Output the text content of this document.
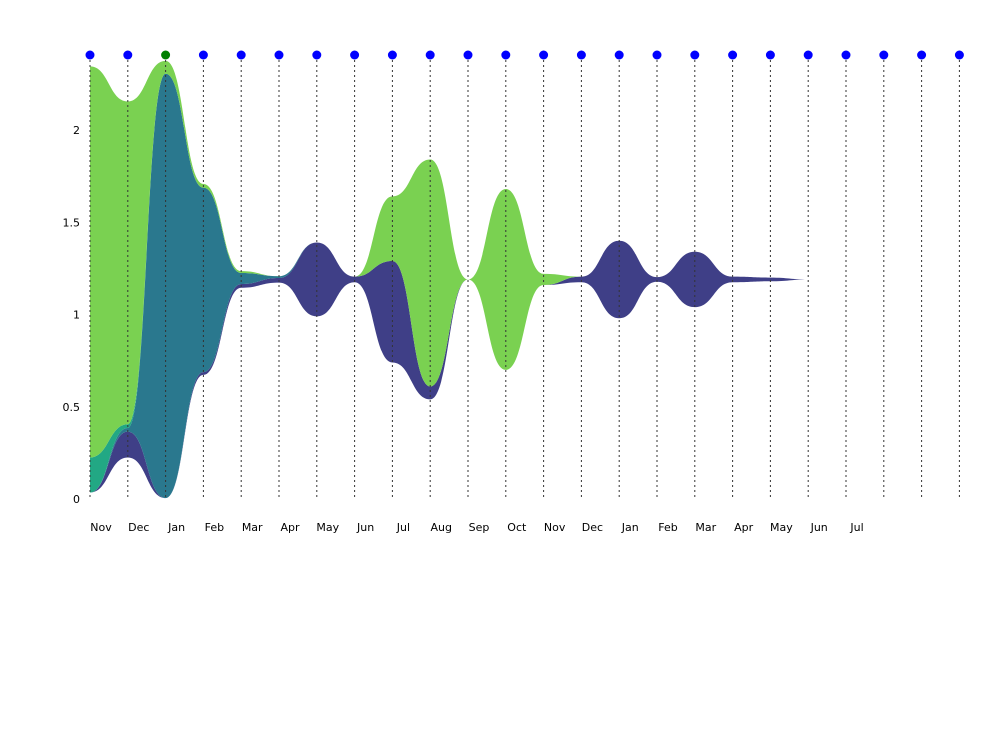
0
0.5
1
1.5
2
Nov Dec Jan Feb Mar Apr May Jun Jul Aug Sep Oct Nov Dec Jan Feb Mar Apr May Jun Jul
